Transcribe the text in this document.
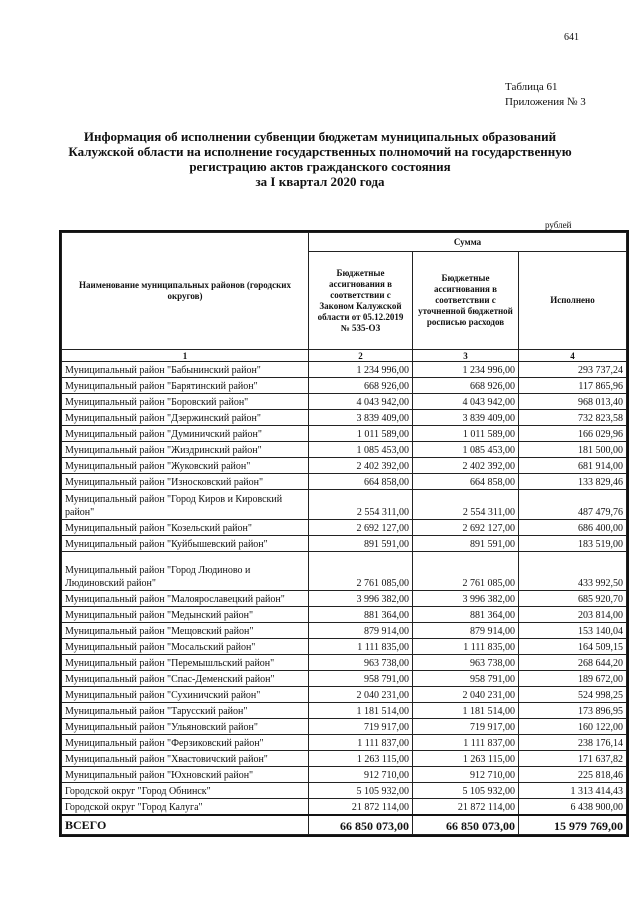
641
Таблица 61
Приложения № 3
Информация об исполнении субвенции бюджетам муниципальных образований
Калужской области на исполнение государственных полномочий на государственную
регистрацию актов гражданского состояния
за I квартал 2020 года
рублей
Наименование муниципальных районов (городских округов)	Сумма		
	Бюджетные ассигнования в соответствии с Законом Калужской области от 05.12.2019 № 535-ОЗ	Бюджетные ассигнования в соответствии с уточненной бюджетной росписью расходов	Исполнено
1	2	3	4
Муниципальный район "Бабынинский район"	1 234 996,00	1 234 996,00	293 737,24
Муниципальный район "Барятинский район"	668 926,00	668 926,00	117 865,96
Муниципальный район "Боровский район"	4 043 942,00	4 043 942,00	968 013,40
Муниципальный район "Дзержинский район"	3 839 409,00	3 839 409,00	732 823,58
Муниципальный район "Думиничский район"	1 011 589,00	1 011 589,00	166 029,96
Муниципальный район "Жиздринский район"	1 085 453,00	1 085 453,00	181 500,00
Муниципальный район "Жуковский район"	2 402 392,00	2 402 392,00	681 914,00
Муниципальный район "Износковский район"	664 858,00	664 858,00	133 829,46
Муниципальный район "Город Киров и Кировский район"	2 554 311,00	2 554 311,00	487 479,76
Муниципальный район "Козельский район"	2 692 127,00	2 692 127,00	686 400,00
Муниципальный район "Куйбышевский район"	891 591,00	891 591,00	183 519,00
Муниципальный район "Город Людиново и Людиновский район"	2 761 085,00	2 761 085,00	433 992,50
Муниципальный район "Малоярославецкий район"	3 996 382,00	3 996 382,00	685 920,70
Муниципальный район "Медынский район"	881 364,00	881 364,00	203 814,00
Муниципальный район "Мещовский район"	879 914,00	879 914,00	153 140,04
Муниципальный район "Мосальский район"	1 111 835,00	1 111 835,00	164 509,15
Муниципальный район "Перемышльский район"	963 738,00	963 738,00	268 644,20
Муниципальный район "Спас-Деменский район"	958 791,00	958 791,00	189 672,00
Муниципальный район "Сухиничский район"	2 040 231,00	2 040 231,00	524 998,25
Муниципальный район "Тарусский район"	1 181 514,00	1 181 514,00	173 896,95
Муниципальный район "Ульяновский район"	719 917,00	719 917,00	160 122,00
Муниципальный район "Ферзиковский район"	1 111 837,00	1 111 837,00	238 176,14
Муниципальный район "Хвастовичский район"	1 263 115,00	1 263 115,00	171 637,82
Муниципальный район "Юхновский район"	912 710,00	912 710,00	225 818,46
Городской округ "Город Обнинск"	5 105 932,00	5 105 932,00	1 313 414,43
Городской округ "Город Калуга"	21 872 114,00	21 872 114,00	6 438 900,00
ВСЕГО	66 850 073,00	66 850 073,00	15 979 769,00
